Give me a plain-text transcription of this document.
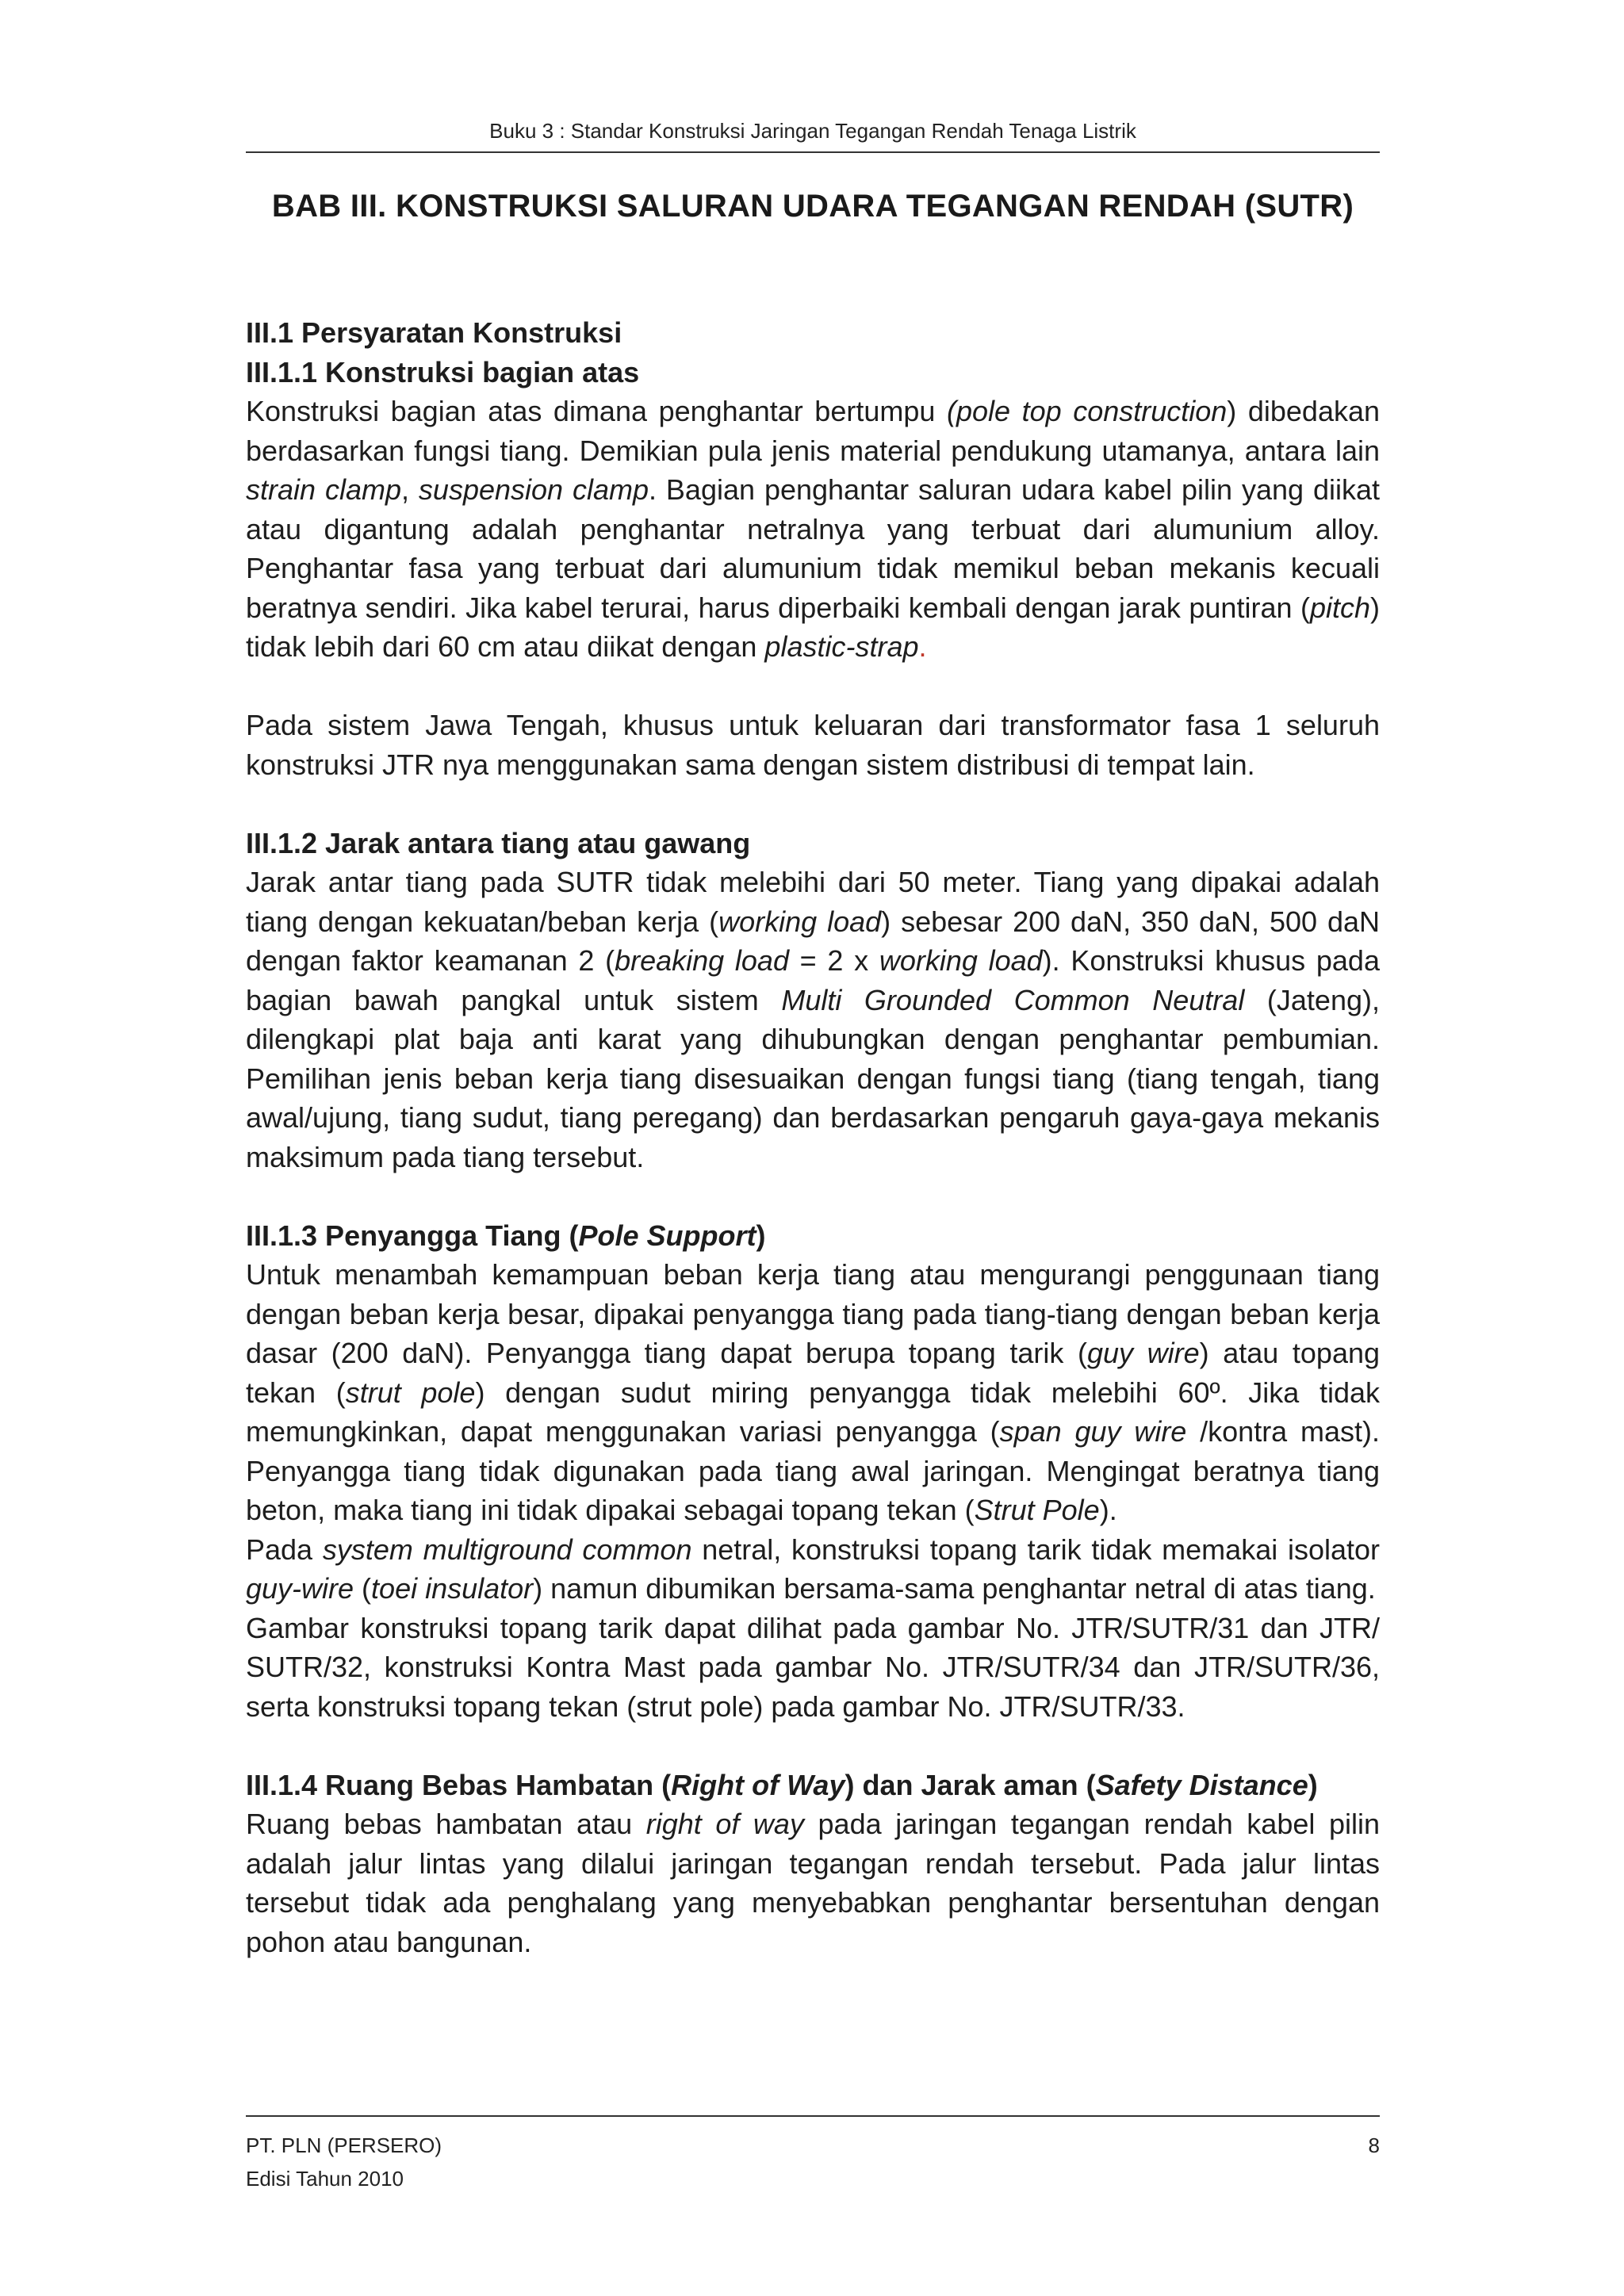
Buku 3 : Standar Konstruksi Jaringan Tegangan Rendah Tenaga Listrik
BAB III. KONSTRUKSI SALURAN UDARA TEGANGAN RENDAH (SUTR)

III.1 Persyaratan Konstruksi

III.1.1 Konstruksi bagian atas

Konstruksi bagian atas dimana penghantar bertumpu (pole top construction) dibedakan berdasarkan fungsi tiang. Demikian pula jenis material pendukung utamanya, antara lain strain clamp, suspension clamp. Bagian penghantar saluran udara kabel pilin yang diikat atau digantung adalah penghantar netralnya yang terbuat dari alumunium alloy. Penghantar fasa yang terbuat dari alumunium tidak memikul beban mekanis kecuali beratnya sendiri. Jika kabel terurai, harus diperbaiki kembali dengan jarak puntiran (pitch) tidak lebih dari 60 cm atau diikat dengan plastic-strap.

Pada sistem Jawa Tengah, khusus untuk keluaran dari transformator fasa 1 seluruh konstruksi JTR nya menggunakan sama dengan sistem distribusi di tempat lain.

III.1.2 Jarak antara tiang atau gawang

Jarak antar tiang pada SUTR tidak melebihi dari 50 meter. Tiang yang dipakai adalah tiang dengan kekuatan/beban kerja (working load) sebesar 200 daN, 350 daN, 500 daN dengan faktor keamanan 2 (breaking load = 2 x working load). Konstruksi khusus pada bagian bawah pangkal untuk sistem Multi Grounded Common Neutral (Jateng), dilengkapi plat baja anti karat yang dihubungkan dengan penghantar pembumian. Pemilihan jenis beban kerja tiang disesuaikan dengan fungsi tiang (tiang tengah, tiang awal/ujung, tiang sudut, tiang peregang) dan berdasarkan pengaruh gaya-gaya mekanis maksimum pada tiang tersebut.

III.1.3 Penyangga Tiang (Pole Support)

Untuk menambah kemampuan beban kerja tiang atau mengurangi penggunaan tiang dengan beban kerja besar, dipakai penyangga tiang pada tiang-tiang dengan beban kerja dasar (200 daN). Penyangga tiang dapat berupa topang tarik (guy wire) atau topang tekan (strut pole) dengan sudut miring penyangga tidak melebihi 60º. Jika tidak memungkinkan, dapat menggunakan variasi penyangga (span guy wire /kontra mast). Penyangga tiang tidak digunakan pada tiang awal jaringan. Mengingat beratnya tiang beton, maka tiang ini tidak dipakai sebagai topang tekan (Strut Pole).

Pada system multiground common netral, konstruksi topang tarik tidak memakai isolator guy-wire (toei insulator) namun dibumikan bersama-sama penghantar netral di atas tiang.

Gambar konstruksi topang tarik dapat dilihat pada gambar No. JTR/SUTR/31 dan JTR/ SUTR/32, konstruksi Kontra Mast pada gambar No. JTR/SUTR/34 dan JTR/SUTR/36, serta konstruksi topang tekan (strut pole) pada gambar No. JTR/SUTR/33.

III.1.4 Ruang Bebas Hambatan (Right of Way) dan Jarak aman (Safety Distance)

Ruang bebas hambatan atau right of way pada jaringan tegangan rendah kabel pilin adalah jalur lintas yang dilalui jaringan tegangan rendah tersebut. Pada jalur lintas tersebut tidak ada penghalang yang menyebabkan penghantar bersentuhan dengan pohon atau bangunan.

PT. PLN (PERSERO)
Edisi Tahun 2010
8
